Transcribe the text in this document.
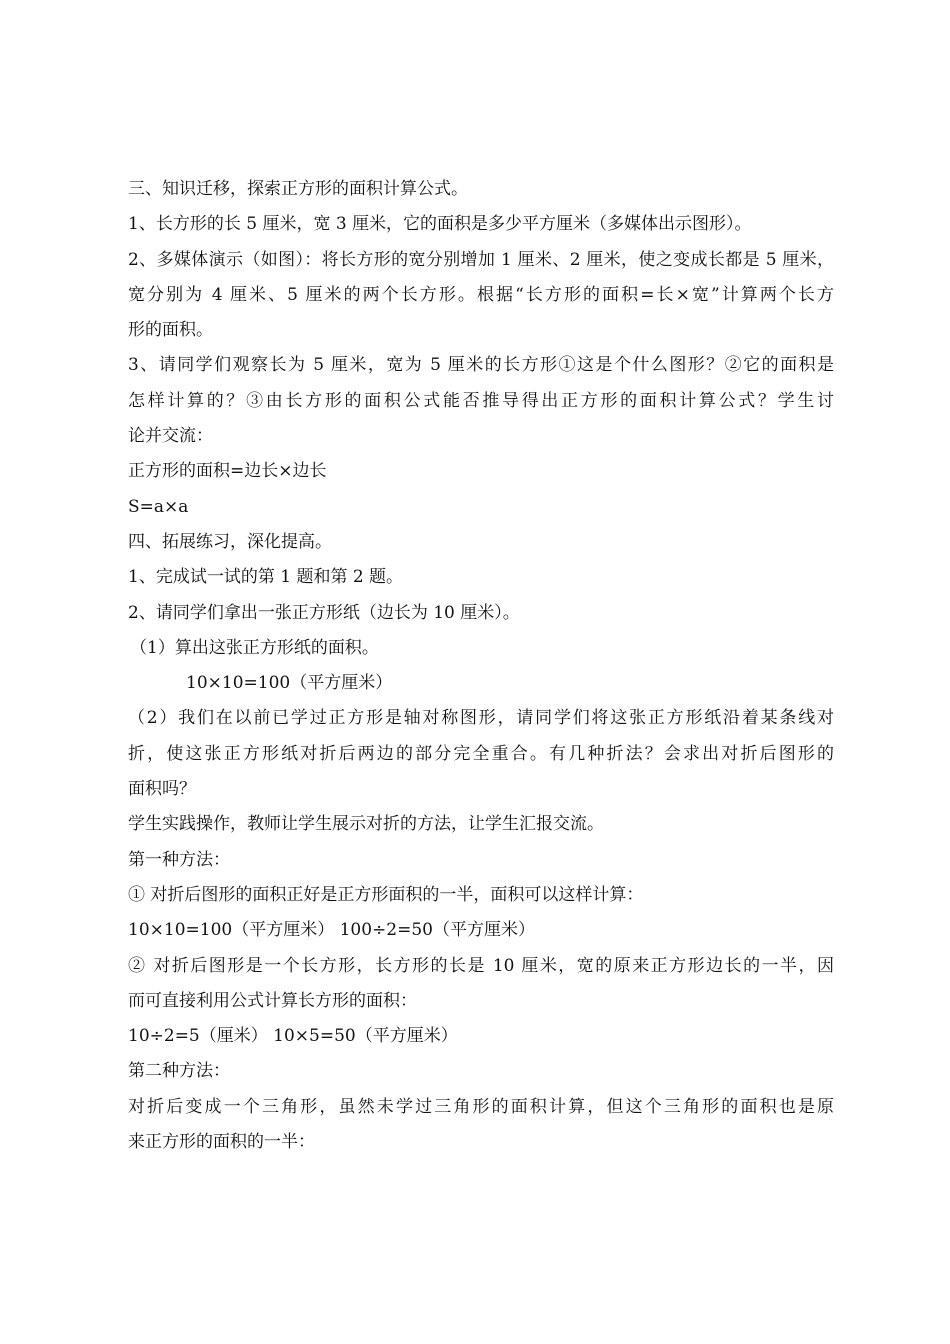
三、知识迁移，探索正方形的面积计算公式。
1、长方形的长 5 厘米，宽 3 厘米，它的面积是多少平方厘米（多媒体出示图形）。
2、多媒体演示（如图）：将长方形的宽分别增加 1 厘米、2 厘米，使之变成长都是 5 厘米，
宽分别为 4 厘米、5 厘米的两个长方形。根据“长方形的面积=长×宽”计算两个长方
形的面积。
3、请同学们观察长为 5 厘米，宽为 5 厘米的长方形①这是个什么图形？②它的面积是
怎样计算的？③由长方形的面积公式能否推导得出正方形的面积计算公式？学生讨
论并交流：
正方形的面积=边长×边长
S=a×a
四、拓展练习，深化提高。
1、完成试一试的第 1 题和第 2 题。
2、请同学们拿出一张正方形纸（边长为 10 厘米）。
（1）算出这张正方形纸的面积。
10×10=100（平方厘米）
（2）我们在以前已学过正方形是轴对称图形，请同学们将这张正方形纸沿着某条线对
折，使这张正方形纸对折后两边的部分完全重合。有几种折法？会求出对折后图形的
面积吗？
学生实践操作，教师让学生展示对折的方法，让学生汇报交流。
第一种方法：
① 对折后图形的面积正好是正方形面积的一半，面积可以这样计算：
10×10=100（平方厘米） 100÷2=50（平方厘米）
② 对折后图形是一个长方形，长方形的长是 10 厘米，宽的原来正方形边长的一半，因
而可直接利用公式计算长方形的面积：
10÷2=5（厘米） 10×5=50（平方厘米）
第二种方法：
对折后变成一个三角形，虽然未学过三角形的面积计算，但这个三角形的面积也是原
来正方形的面积的一半：
